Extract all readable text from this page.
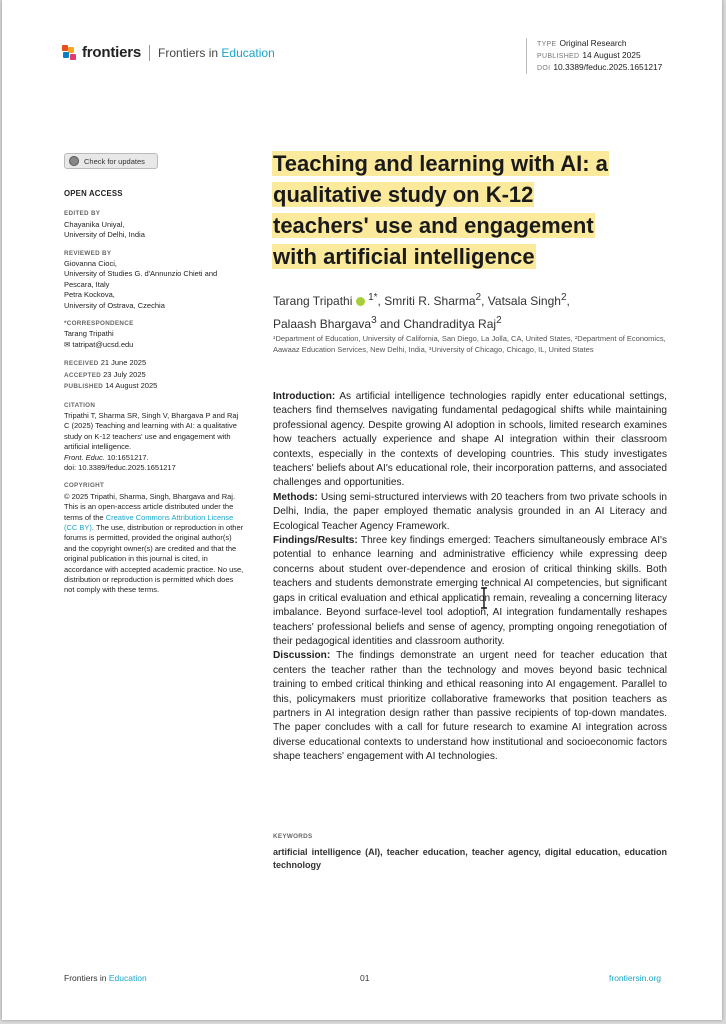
frontiers Frontiers in Education
TYPE Original Research
PUBLISHED 14 August 2025
DOI 10.3389/feduc.2025.1651217
Check for updates
OPEN ACCESS
EDITED BY

Chayanika Uniyal,

University of Delhi, India

REVIEWED BY

Giovanna Cioci,

University of Studies G. d'Annunzio Chieti and Pescara, Italy

Petra Kockova,

University of Ostrava, Czechia

*CORRESPONDENCE

Tarang Tripathi

✉ tatripat@ucsd.edu

RECEIVED 21 June 2025

ACCEPTED 23 July 2025

PUBLISHED 14 August 2025

CITATION

Tripathi T, Sharma SR, Singh V, Bhargava P and Raj C (2025) Teaching and learning with AI: a qualitative study on K-12 teachers' use and engagement with artificial intelligence.
Front. Educ. 10:1651217.
doi: 10.3389/feduc.2025.1651217

COPYRIGHT

© 2025 Tripathi, Sharma, Singh, Bhargava and Raj. This is an open-access article distributed under the terms of the Creative Commons Attribution License (CC BY). The use, distribution or reproduction in other forums is permitted, provided the original author(s) and the copyright owner(s) are credited and that the original publication in this journal is cited, in accordance with accepted academic practice. No use, distribution or reproduction is permitted which does not comply with these terms.

Teaching and learning with AI: a
qualitative study on K-12
teachers' use and engagement
with artificial intelligence
Tarang Tripathi $^{1*}$, Smriti R. Sharma$^2$, Vatsala Singh$^2$,
Palaash Bhargava$^3$ and Chandraditya Raj$^2$
¹Department of Education, University of California, San Diego, La Jolla, CA, United States, ²Department of Economics, Aawaaz Education Services, New Delhi, India, ³University of Chicago, Chicago, IL, United States

Introduction: As artificial intelligence technologies rapidly enter educational settings, teachers find themselves navigating fundamental pedagogical shifts while maintaining professional agency. Despite growing AI adoption in schools, limited research examines how teachers actually experience and shape AI integration within their classroom contexts, especially in the contexts of developing countries. This study investigates teachers' beliefs about AI's educational role, their incorporation patterns, and associated challenges and opportunities.

Methods: Using semi-structured interviews with 20 teachers from two private schools in Delhi, India, the paper employed thematic analysis grounded in an AI Literacy and Ecological Teacher Agency Framework.

Findings/Results: Three key findings emerged: Teachers simultaneously embrace AI's potential to enhance learning and administrative efficiency while expressing deep concerns about student over-dependence and erosion of critical thinking skills. Both teachers and students demonstrate emerging technical AI competencies, but significant gaps in critical evaluation and ethical application remain, revealing a concerning literacy imbalance. Beyond surface-level tool adoption, AI integration fundamentally reshapes teachers' professional beliefs and sense of agency, prompting ongoing renegotiation of their pedagogical identities and classroom authority.

Discussion: The findings demonstrate an urgent need for teacher education that centers the teacher rather than the technology and moves beyond basic technical training to embed critical thinking and ethical reasoning into AI engagement. Parallel to this, policymakers must prioritize collaborative frameworks that position teachers as partners in AI integration design rather than passive recipients of top-down mandates. The paper concludes with a call for future research to examine AI integration across diverse educational contexts to understand how institutional and socioeconomic factors shape teachers' engagement with AI technologies.

KEYWORDS
artificial intelligence (AI), teacher education, teacher agency, digital education, education technology
Frontiers in Education	01	frontiersin.org
